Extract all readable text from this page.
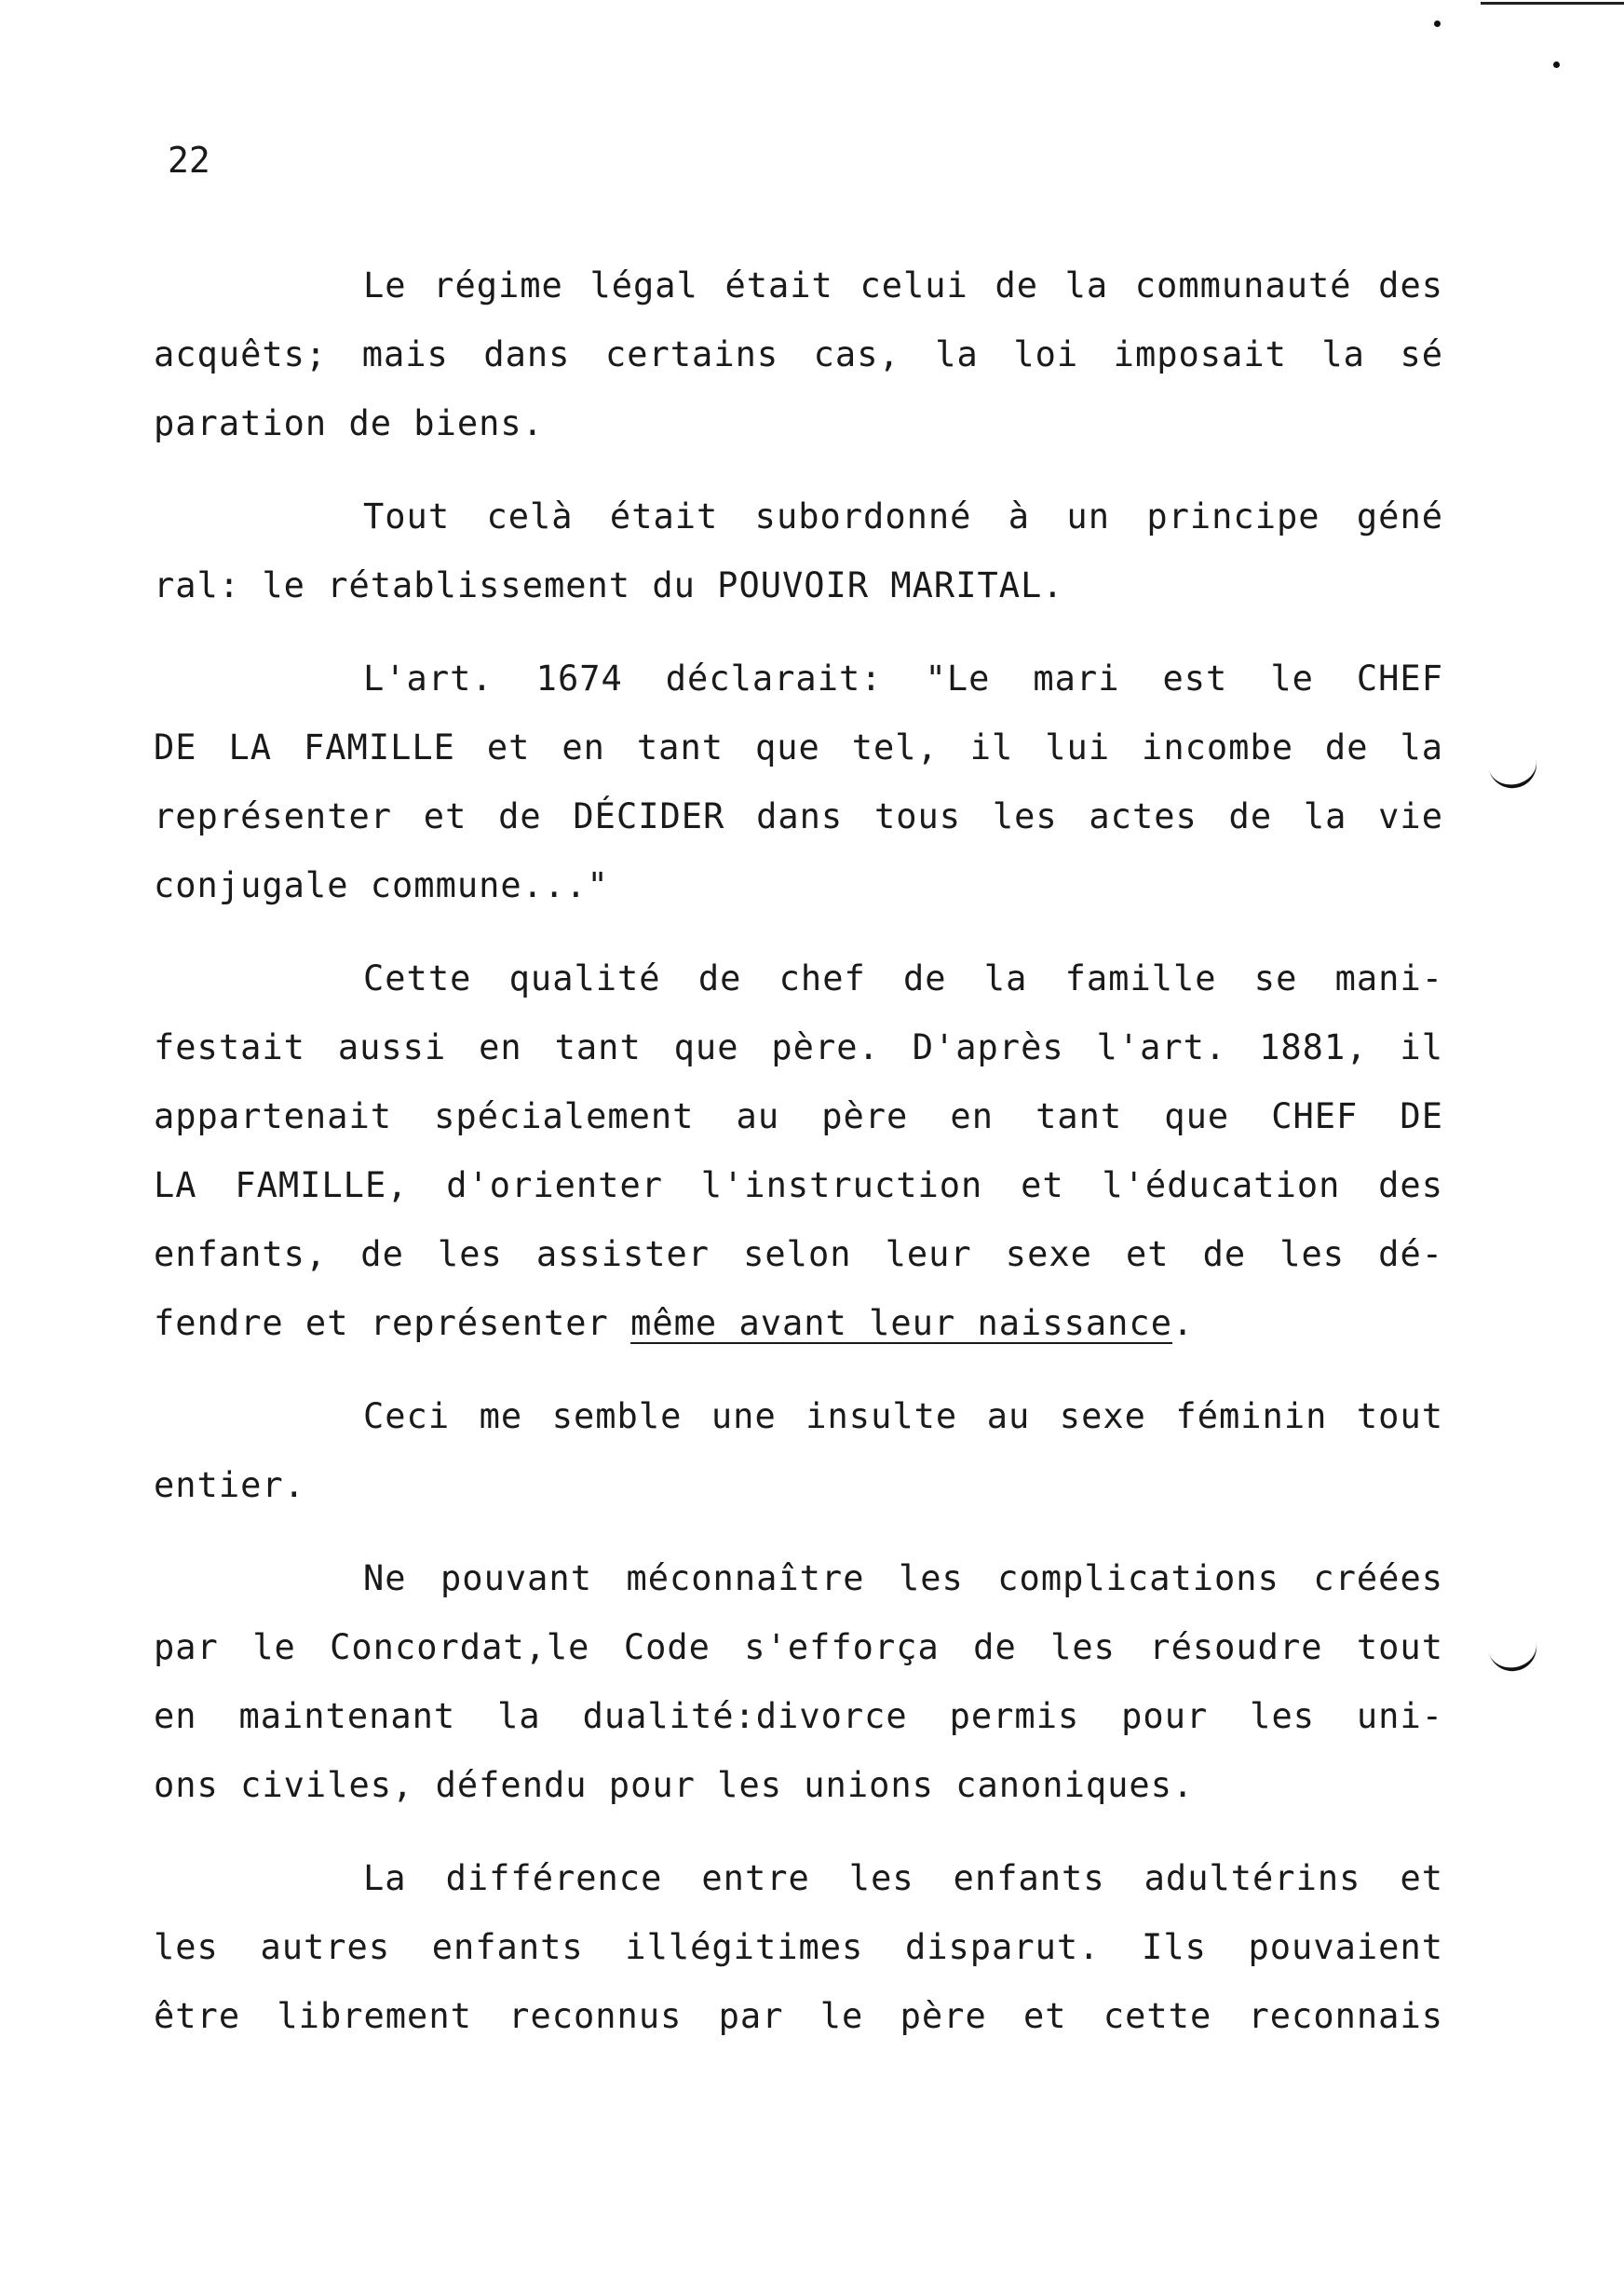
22
Le régime légal était celui de la communauté des
acquêts; mais dans certains cas, la loi imposait la sé
paration de biens.
Tout celà était subordonné à un principe géné
ral: le rétablissement du POUVOIR MARITAL.
L'art. 1674 déclarait: "Le mari est le CHEF
DE LA FAMILLE et en tant que tel, il lui incombe de la
représenter et de DÉCIDER dans tous les actes de la vie
conjugale commune..."
Cette qualité de chef de la famille se mani-
festait aussi en tant que père. D'après l'art. 1881, il
appartenait spécialement au père en tant que CHEF DE
LA FAMILLE, d'orienter l'instruction et l'éducation des
enfants, de les assister selon leur sexe et de les dé-
fendre et représenter même avant leur naissance.
Ceci me semble une insulte au sexe féminin tout
entier.
Ne pouvant méconnaître les complications créées
par le Concordat,le Code s'efforça de les résoudre tout
en maintenant la dualité:divorce permis pour les uni-
ons civiles, défendu pour les unions canoniques.
La différence entre les enfants adultérins et
les autres enfants illégitimes disparut. Ils pouvaient
être librement reconnus par le père et cette reconnais
